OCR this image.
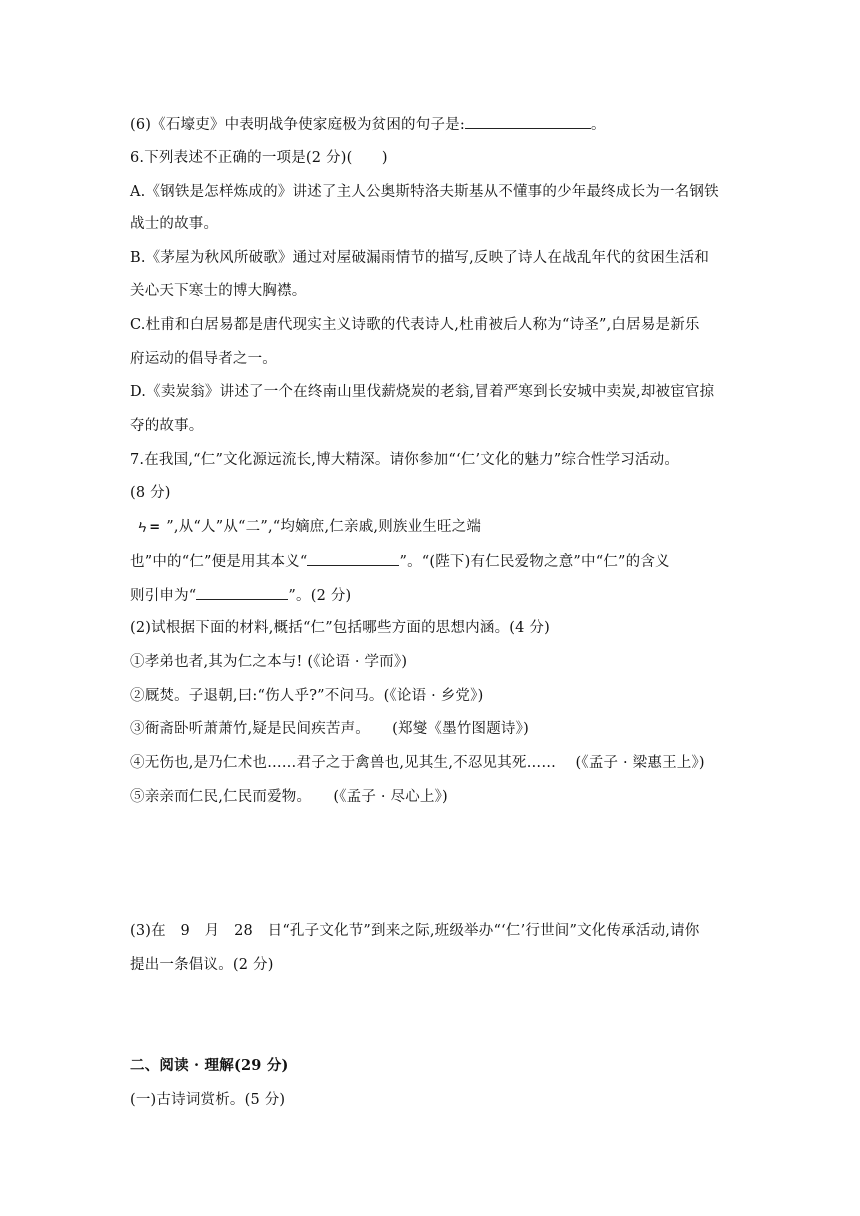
(6)《石壕吏》中表明战争使家庭极为贫困的句子是:	。
6.下列表述不正确的一项是(2 分)(　　)
A.《钢铁是怎样炼成的》讲述了主人公奥斯特洛夫斯基从不懂事的少年最终成长为一名钢铁
战士的故事。
B.《茅屋为秋风所破歌》通过对屋破漏雨情节的描写,反映了诗人在战乱年代的贫困生活和
关心天下寒士的博大胸襟。
C.杜甫和白居易都是唐代现实主义诗歌的代表诗人,杜甫被后人称为“诗圣”,白居易是新乐
府运动的倡导者之一。
D.《卖炭翁》讲述了一个在终南山里伐薪烧炭的老翁,冒着严寒到长安城中卖炭,却被宦官掠
夺的故事。
7.在我国,“仁”文化源远流长,博大精深。请你参加“‘仁’文化的魅力”综合性学习活动。
(8 分)
ㄣ= ”,从“人”从“二”,“均嫡庶,仁亲戚,则族业生旺之端
也”中的“仁”便是用其本义“	”。“(陛下)有仁民爱物之意”中“仁”的含义
则引申为“	”。(2 分)
(2)试根据下面的材料,概括“仁”包括哪些方面的思想内涵。(4 分)
①孝弟也者,其为仁之本与! (《论语 · 学而》)
②厩焚。子退朝,曰:“伤人乎?”不问马。(《论语 · 乡党》)
③衙斋卧听萧萧竹,疑是民间疾苦声。　　(郑燮《墨竹图题诗》)
④无伤也,是乃仁术也……君子之于禽兽也,见其生,不忍见其死……　 (《孟子 · 梁惠王上》)
⑤亲亲而仁民,仁民而爱物。　　(《孟子 · 尽心上》)
(3)在　9　月　28　日“孔子文化节”到来之际,班级举办“‘仁’行世间”文化传承活动,请你
提出一条倡议。(2 分)
二、阅读 · 理解(29 分)
(一)古诗词赏析。(5 分)
